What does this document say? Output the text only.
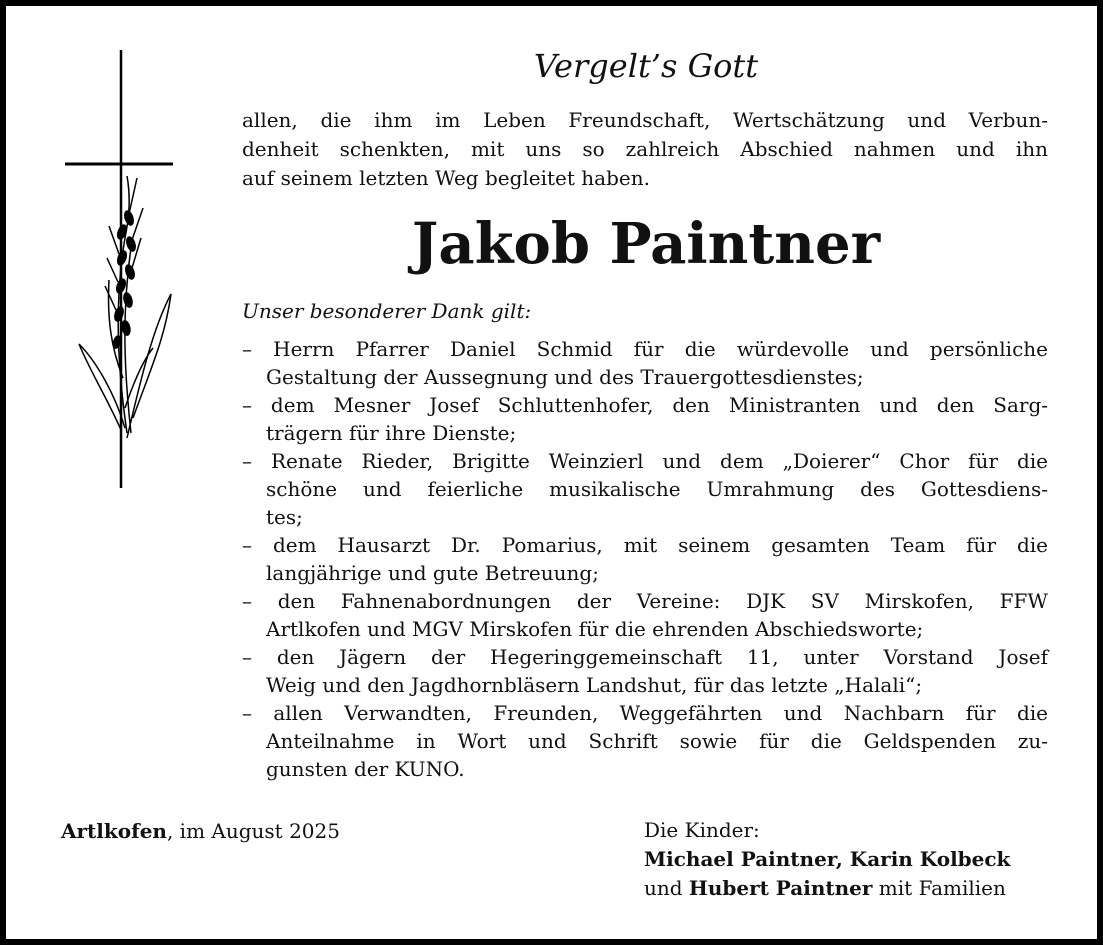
Vergelt’s Gott

allen, die ihm im Leben Freundschaft, Wertschätzung und Verbun-
denheit schenkten, mit uns so zahlreich Abschied nahmen und ihn
auf seinem letzten Weg begleitet haben.

Jakob Paintner

Unser besonderer Dank gilt:

– Herrn Pfarrer Daniel Schmid für die würdevolle und persönliche
Gestaltung der Aussegnung und des Trauergottesdienstes;
– dem Mesner Josef Schluttenhofer, den Ministranten und den Sarg-
trägern für ihre Dienste;
– Renate Rieder, Brigitte Weinzierl und dem „Doierer“ Chor für die
schöne und feierliche musikalische Umrahmung des Gottesdiens-
tes;
– dem Hausarzt Dr. Pomarius, mit seinem gesamten Team für die
langjährige und gute Betreuung;
– den Fahnenabordnungen der Vereine: DJK SV Mirskofen, FFW
Artlkofen und MGV Mirskofen für die ehrenden Abschiedsworte;
– den Jägern der Hegeringgemeinschaft 11, unter Vorstand Josef
Weig und den Jagdhornbläsern Landshut, für das letzte „Halali“;
– allen Verwandten, Freunden, Weggefährten und Nachbarn für die
Anteilnahme in Wort und Schrift sowie für die Geldspenden zu-
gunsten der KUNO.
Artlkofen, im August 2025	Die Kinder:
Michael Paintner, Karin Kolbeck
und Hubert Paintner mit Familien
